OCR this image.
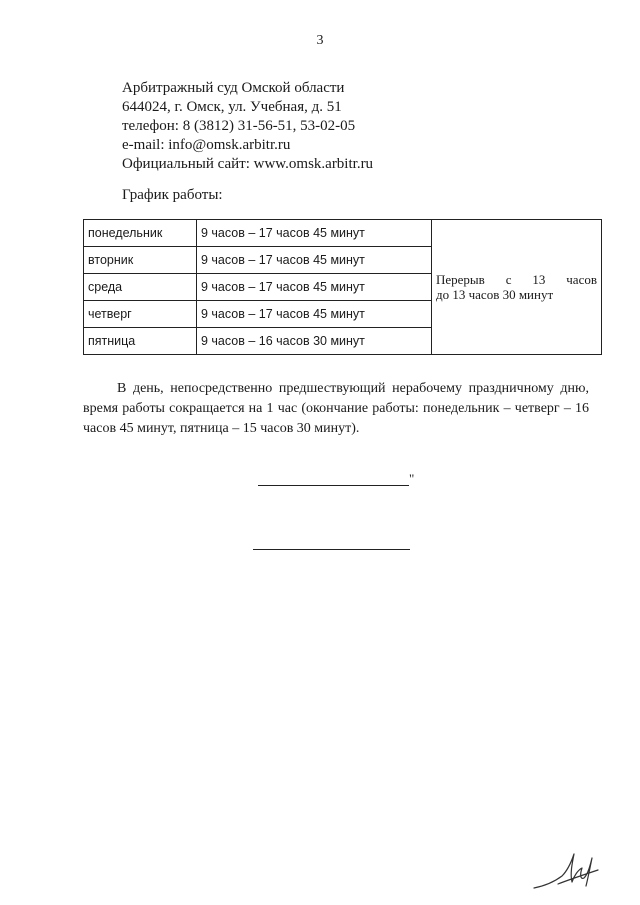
3
Арбитражный суд Омской области
644024, г. Омск, ул. Учебная, д. 51
телефон: 8 (3812) 31-56-51, 53-02-05
e-mail: info@omsk.arbitr.ru
Официальный сайт: www.omsk.arbitr.ru
График работы:
понедельник	9 часов – 17 часов 45 минут	Перерыв с 13 часов
до 13 часов 30 минут

вторник	9 часов – 17 часов 45 минут	
среда	9 часов – 17 часов 45 минут	
четверг	9 часов – 17 часов 45 минут	
пятница	9 часов – 16 часов 30 минут	
В день, непосредственно предшествующий нерабочему праздничному дню, время работы сокращается на 1 час (окончание работы: понедельник – четверг – 16 часов 45 минут, пятница – 15 часов 30 минут).
"
